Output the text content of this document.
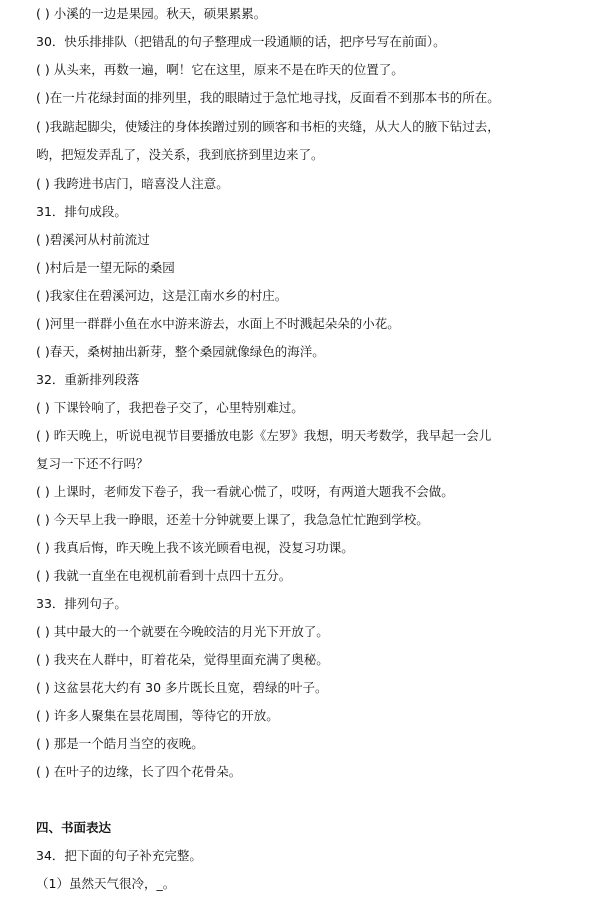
( ) 小溪的一边是果园。秋天，硕果累累。
30．快乐排排队（把错乱的句子整理成一段通顺的话，把序号写在前面）。
( ) 从头来，再数一遍，啊！它在这里，原来不是在昨天的位置了。
( )在一片花绿封面的排列里，我的眼睛过于急忙地寻找，反面看不到那本书的所在。
( )我踮起脚尖，使矮注的身体挨蹭过别的顾客和书柜的夹缝，从大人的腋下钻过去，
哟，把短发弄乱了，没关系，我到底挤到里边来了。
( ) 我跨进书店门，暗喜没人注意。
31．排句成段。
( )碧溪河从村前流过
( )村后是一望无际的桑园
( )我家住在碧溪河边，这是江南水乡的村庄。
( )河里一群群小鱼在水中游来游去，水面上不时溅起朵朵的小花。
( )春天，桑树抽出新芽，整个桑园就像绿色的海洋。
32．重新排列段落
( ) 下课铃响了，我把卷子交了，心里特别难过。
( ) 昨天晚上，听说电视节目要播放电影《左罗》我想，明天考数学，我早起一会儿
复习一下还不行吗？
( ) 上课时，老师发下卷子，我一看就心慌了，哎呀，有两道大题我不会做。
( ) 今天早上我一睁眼，还差十分钟就要上课了，我急急忙忙跑到学校。
( ) 我真后悔，昨天晚上我不该光顾看电视，没复习功课。
( ) 我就一直坐在电视机前看到十点四十五分。
33．排列句子。
( ) 其中最大的一个就要在今晚皎洁的月光下开放了。
( ) 我夹在人群中，盯着花朵，觉得里面充满了奥秘。
( ) 这盆昙花大约有 30 多片既长且宽，碧绿的叶子。
( ) 许多人聚集在昙花周围，等待它的开放。
( ) 那是一个皓月当空的夜晚。
( ) 在叶子的边缘，长了四个花骨朵。
四、书面表达
34．把下面的句子补充完整。
（1）虽然天气很冷，_。
